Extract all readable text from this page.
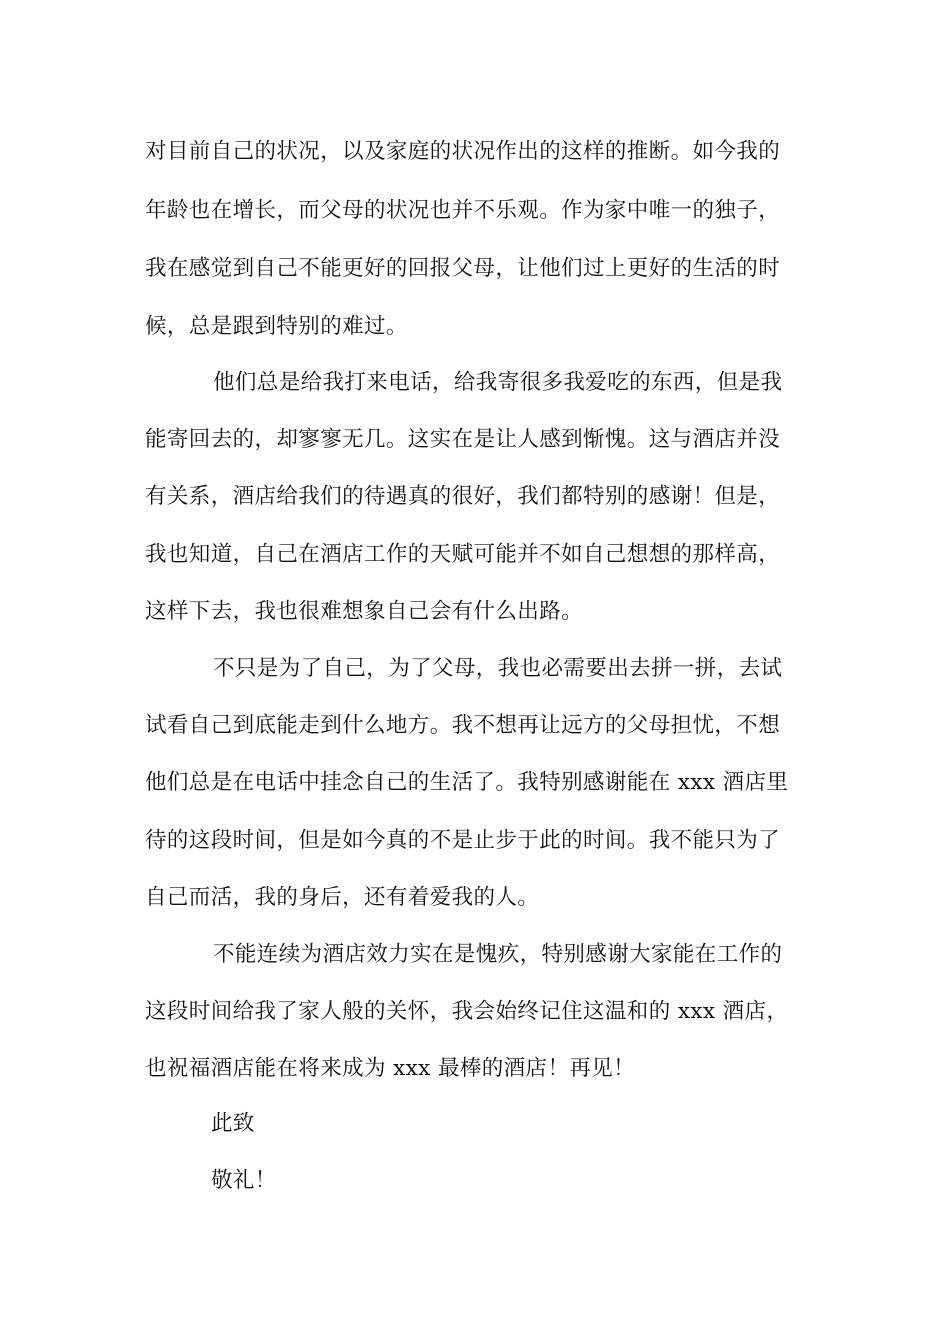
对目前自己的状况，以及家庭的状况作出的这样的推断。如今我的
年龄也在增长，而父母的状况也并不乐观。作为家中唯一的独子，
我在感觉到自己不能更好的回报父母，让他们过上更好的生活的时
候，总是跟到特别的难过。
他们总是给我打来电话，给我寄很多我爱吃的东西，但是我
能寄回去的，却寥寥无几。这实在是让人感到惭愧。这与酒店并没
有关系，酒店给我们的待遇真的很好，我们都特别的感谢！但是，
我也知道，自己在酒店工作的天赋可能并不如自己想想的那样高，
这样下去，我也很难想象自己会有什么出路。
不只是为了自己，为了父母，我也必需要出去拼一拼，去试
试看自己到底能走到什么地方。我不想再让远方的父母担忧，不想
他们总是在电话中挂念自己的生活了。我特别感谢能在 xxx 酒店里
待的这段时间，但是如今真的不是止步于此的时间。我不能只为了
自己而活，我的身后，还有着爱我的人。
不能连续为酒店效力实在是愧疚，特别感谢大家能在工作的
这段时间给我了家人般的关怀，我会始终记住这温和的 xxx 酒店，
也祝福酒店能在将来成为 xxx 最棒的酒店！再见！
此致
敬礼！
